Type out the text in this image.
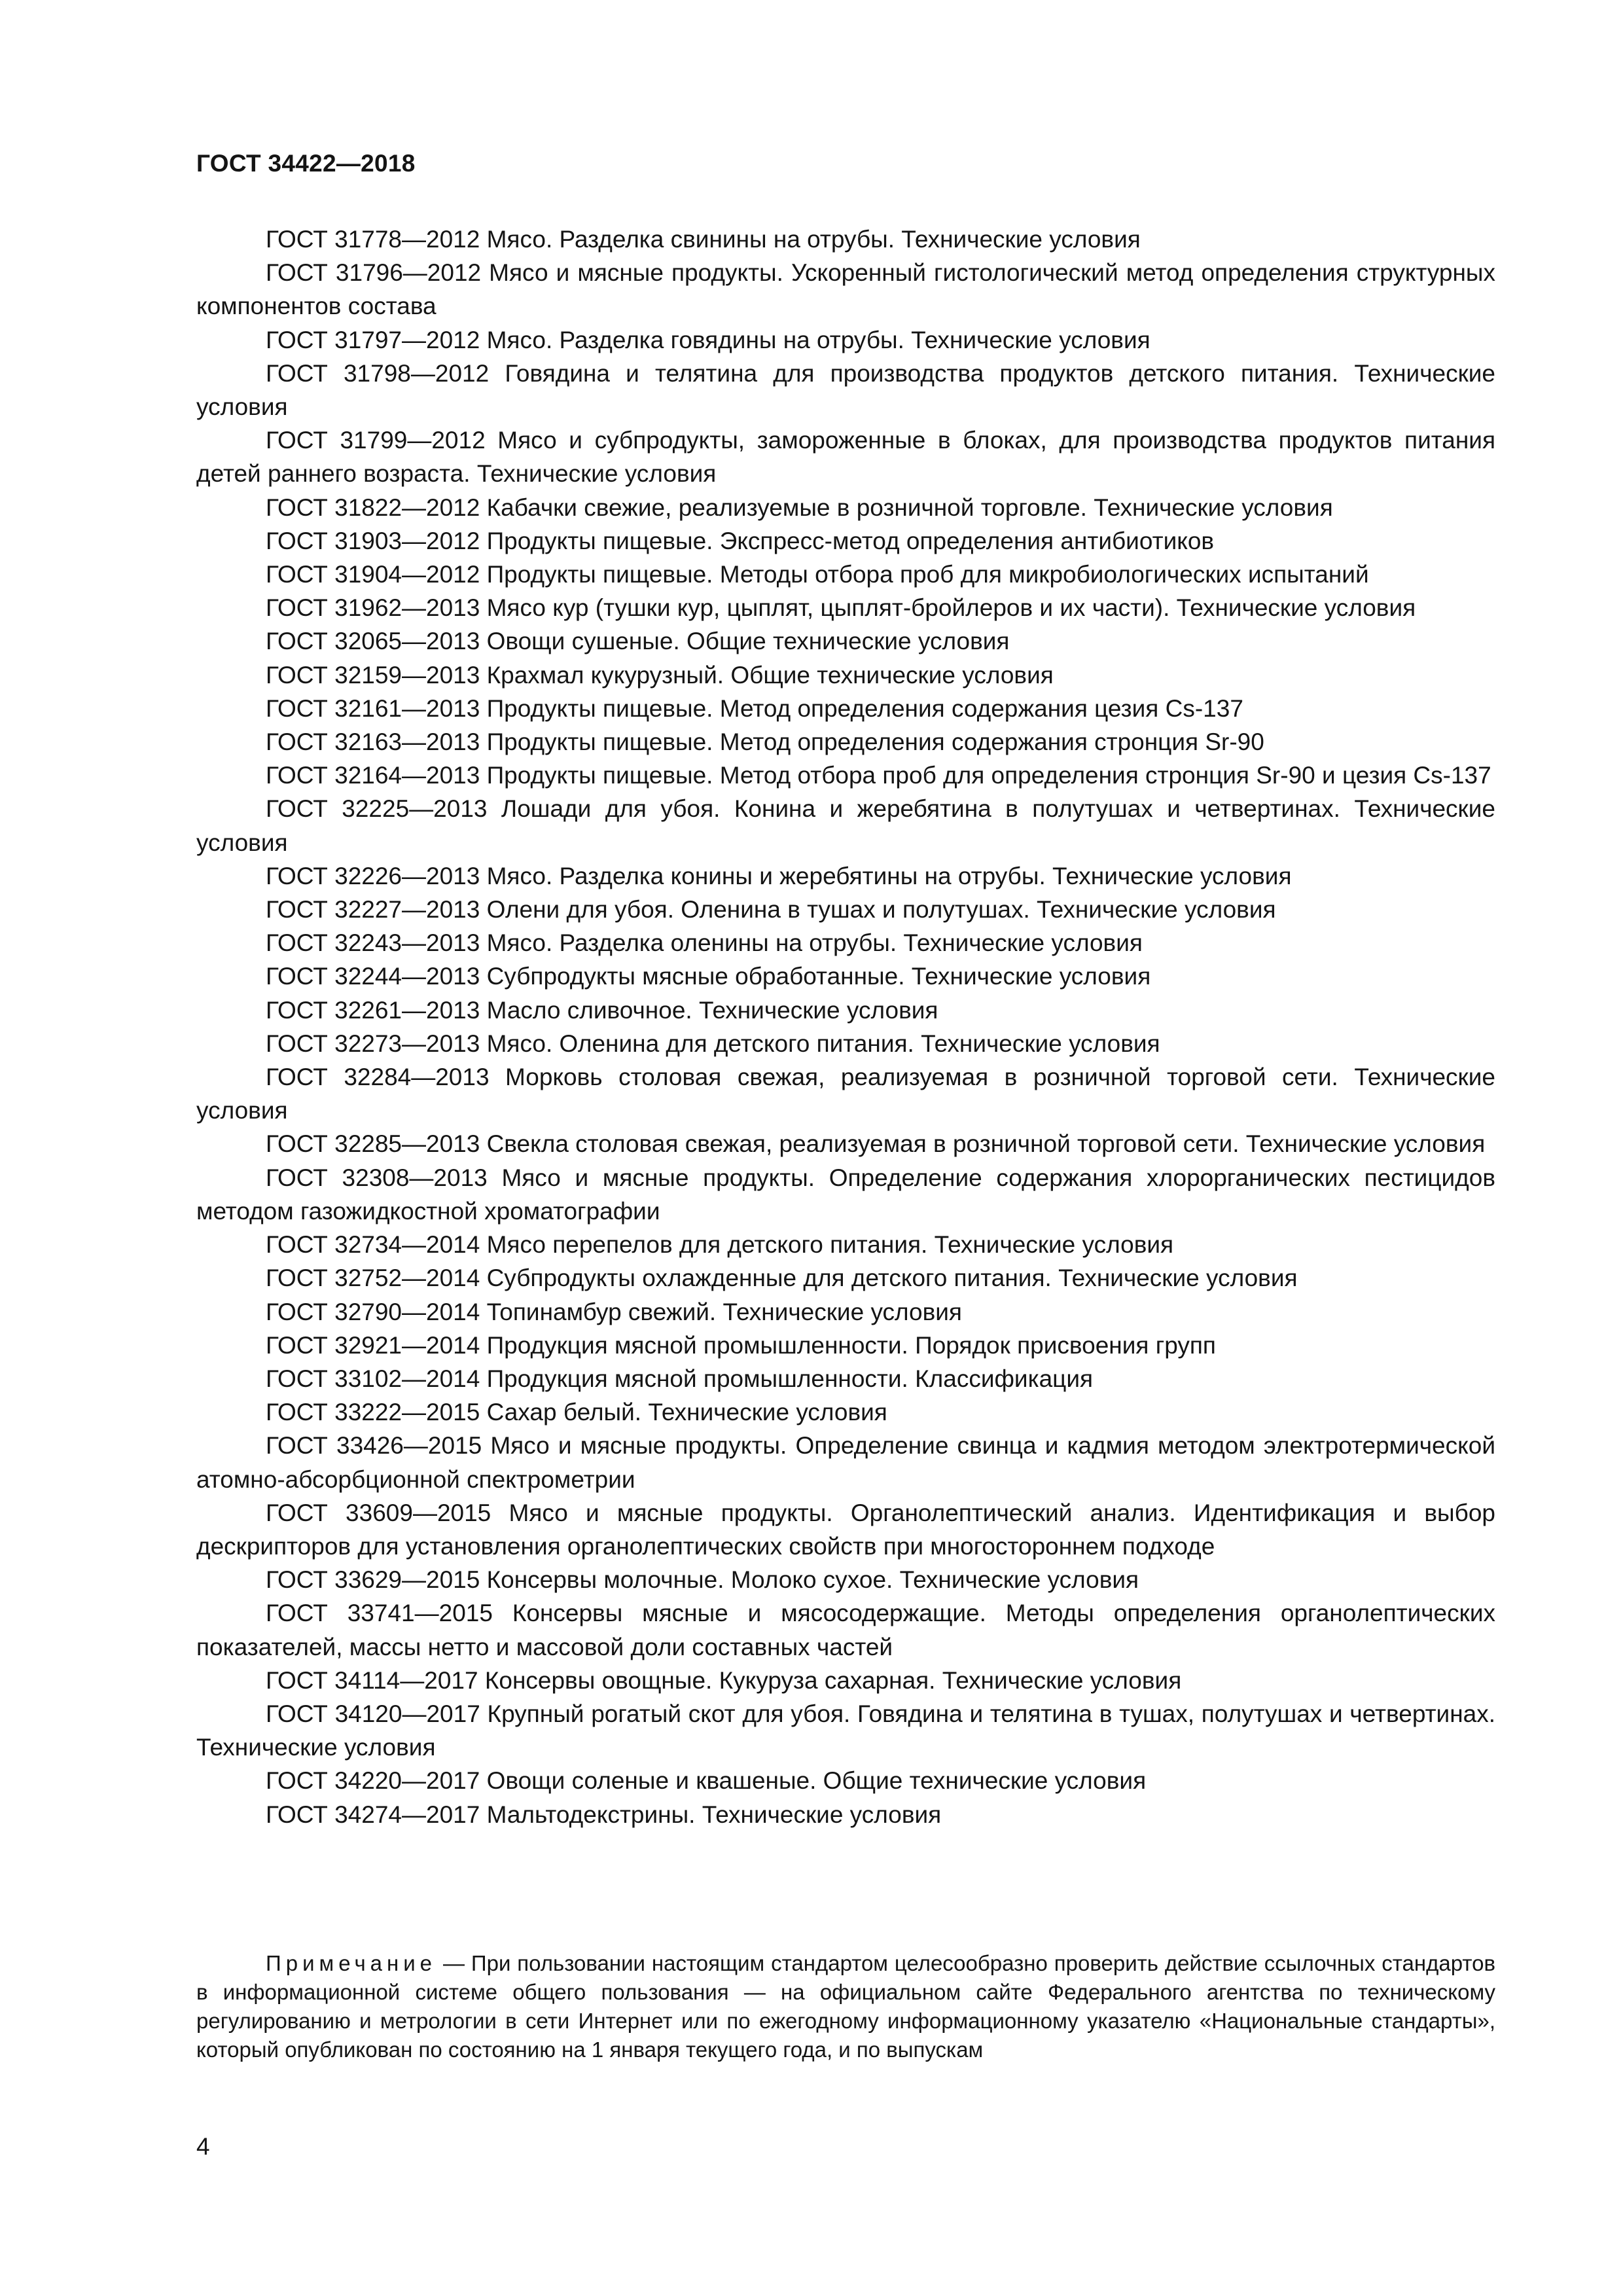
ГОСТ 34422—2018
ГОСТ 31778—2012 Мясо. Разделка свинины на отрубы. Технические условия
ГОСТ 31796—2012 Мясо и мясные продукты. Ускоренный гистологический метод определения структурных компонентов состава
ГОСТ 31797—2012 Мясо. Разделка говядины на отрубы. Технические условия
ГОСТ 31798—2012 Говядина и телятина для производства продуктов детского питания. Технические условия
ГОСТ 31799—2012 Мясо и субпродукты, замороженные в блоках, для производства продуктов питания детей раннего возраста. Технические условия
ГОСТ 31822—2012 Кабачки свежие, реализуемые в розничной торговле. Технические условия
ГОСТ 31903—2012 Продукты пищевые. Экспресс-метод определения антибиотиков
ГОСТ 31904—2012 Продукты пищевые. Методы отбора проб для микробиологических испытаний
ГОСТ 31962—2013 Мясо кур (тушки кур, цыплят, цыплят-бройлеров и их части). Технические условия
ГОСТ 32065—2013 Овощи сушеные. Общие технические условия
ГОСТ 32159—2013 Крахмал кукурузный. Общие технические условия
ГОСТ 32161—2013 Продукты пищевые. Метод определения содержания цезия Cs-137
ГОСТ 32163—2013 Продукты пищевые. Метод определения содержания стронция Sr-90
ГОСТ 32164—2013 Продукты пищевые. Метод отбора проб для определения стронция Sr-90 и цезия Cs-137
ГОСТ 32225—2013 Лошади для убоя. Конина и жеребятина в полутушах и четвертинах. Технические условия
ГОСТ 32226—2013 Мясо. Разделка конины и жеребятины на отрубы. Технические условия
ГОСТ 32227—2013 Олени для убоя. Оленина в тушах и полутушах. Технические условия
ГОСТ 32243—2013 Мясо. Разделка оленины на отрубы. Технические условия
ГОСТ 32244—2013 Субпродукты мясные обработанные. Технические условия
ГОСТ 32261—2013 Масло сливочное. Технические условия
ГОСТ 32273—2013 Мясо. Оленина для детского питания. Технические условия
ГОСТ 32284—2013 Морковь столовая свежая, реализуемая в розничной торговой сети. Технические условия
ГОСТ 32285—2013 Свекла столовая свежая, реализуемая в розничной торговой сети. Технические условия
ГОСТ 32308—2013 Мясо и мясные продукты. Определение содержания хлорорганических пестицидов методом газожидкостной хроматографии
ГОСТ 32734—2014 Мясо перепелов для детского питания. Технические условия
ГОСТ 32752—2014 Субпродукты охлажденные для детского питания. Технические условия
ГОСТ 32790—2014 Топинамбур свежий. Технические условия
ГОСТ 32921—2014 Продукция мясной промышленности. Порядок присвоения групп
ГОСТ 33102—2014 Продукция мясной промышленности. Классификация
ГОСТ 33222—2015 Сахар белый. Технические условия
ГОСТ 33426—2015 Мясо и мясные продукты. Определение свинца и кадмия методом электротермической атомно-абсорбционной спектрометрии
ГОСТ 33609—2015 Мясо и мясные продукты. Органолептический анализ. Идентификация и выбор дескрипторов для установления органолептических свойств при многостороннем подходе
ГОСТ 33629—2015 Консервы молочные. Молоко сухое. Технические условия
ГОСТ 33741—2015 Консервы мясные и мясосодержащие. Методы определения органолептических показателей, массы нетто и массовой доли составных частей
ГОСТ 34114—2017 Консервы овощные. Кукуруза сахарная. Технические условия
ГОСТ 34120—2017 Крупный рогатый скот для убоя. Говядина и телятина в тушах, полутушах и четвертинах. Технические условия
ГОСТ 34220—2017 Овощи соленые и квашеные. Общие технические условия
ГОСТ 34274—2017 Мальтодекстрины. Технические условия

Примечание — При пользовании настоящим стандартом целесообразно проверить действие ссылочных стандартов в информационной системе общего пользования — на официальном сайте Федерального агентства по техническому регулированию и метрологии в сети Интернет или по ежегодному информационному указателю «Национальные стандарты», который опубликован по состоянию на 1 января текущего года, и по выпускам

4
